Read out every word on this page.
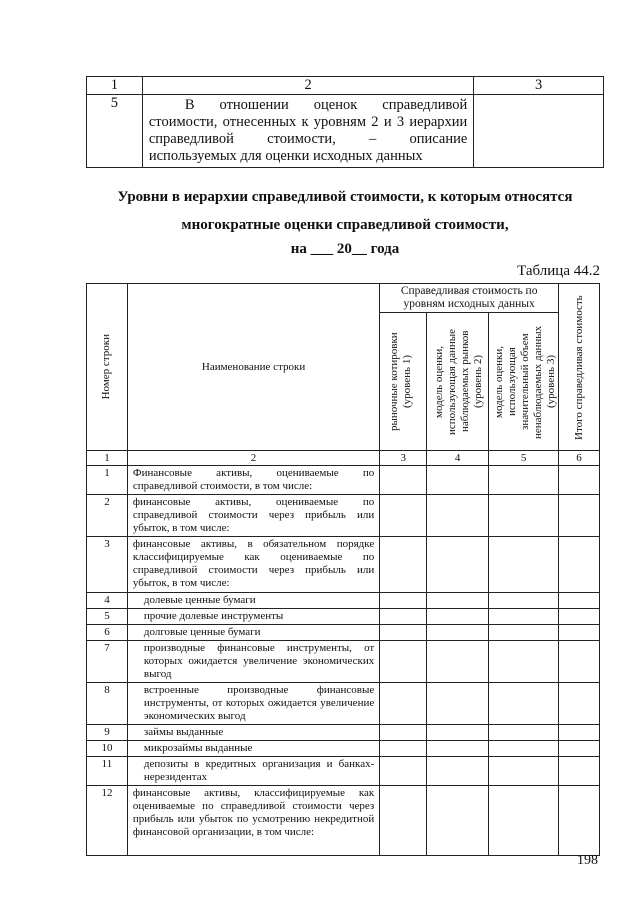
1	2	3
5	В отношении оценок справедливой
стоимости, отнесенных к уровням 2 и 3 иерархии
справедливой стоимости, – описание
используемых для оценки исходных данных	

Уровни в иерархии справедливой стоимости, к которым относятся
многократные оценки справедливой стоимости,
на ___ 20__ года
Таблица 44.2
Номер строки	Наименование строки	Справедливая стоимость по уровням исходных данных			Итого справедливая стоимость

		рыночные котировки (уровень 1)	модель оценки, использующая данные наблюдаемых рынков (уровень 2)	модель оценки, использующая значительный объем ненаблюдаемых данных (уровень 3)	

1	2	3	4	5	6
1	Финансовые активы, оцениваемые по справедливой стоимости, в том числе:				
2	финансовые активы, оцениваемые по справедливой стоимости через прибыль или убыток, в том числе:				
3	финансовые активы, в обязательном порядке классифицируемые как оцениваемые по справедливой стоимости через прибыль или убыток, в том числе:				
4	долевые ценные бумаги				
5	прочие долевые инструменты				
6	долговые ценные бумаги				
7	производные финансовые инструменты, от которых ожидается увеличение экономических выгод				
8	встроенные производные финансовые инструменты, от которых ожидается увеличение экономических выгод				
9	займы выданные				
10	микрозаймы выданные				
11	депозиты в кредитных организация и банках-нерезидентах				
12	финансовые активы, классифицируемые как оцениваемые по справедливой стоимости через прибыль или убыток по усмотрению некредитной финансовой организации, в том числе:				
198
